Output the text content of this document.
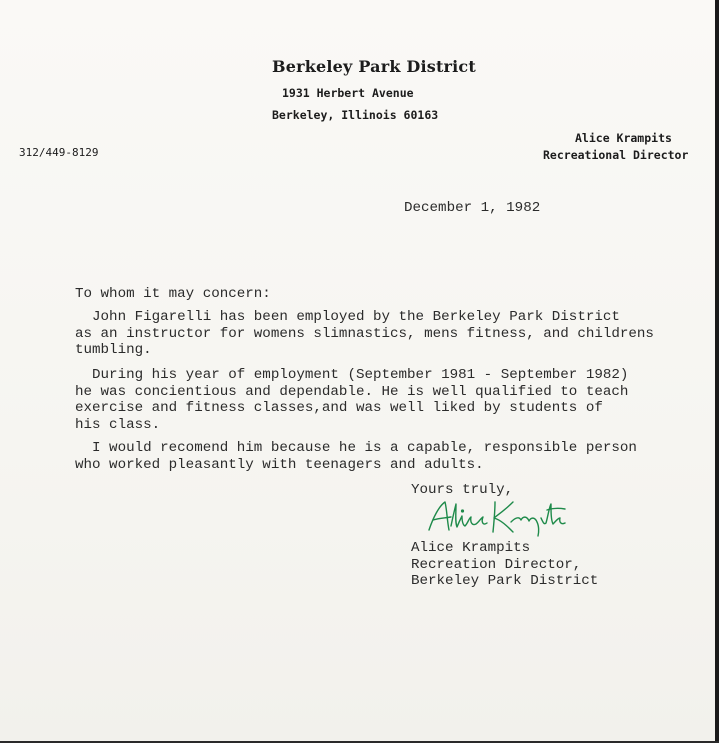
Berkeley Park District
1931 Herbert Avenue
Berkeley, Illinois 60163
312/449-8129
Alice Krampits
Recreational Director
December 1, 1982
To whom it may concern:
John Figarelli has been employed by the Berkeley Park District
as an instructor for womens slimnastics, mens fitness, and childrens
tumbling.
During his year of employment (September 1981 - September 1982)
he was concientious and dependable. He is well qualified to teach
exercise and fitness classes,and was well liked by students of
his class.
I would recomend him because he is a capable, responsible person
who worked pleasantly with teenagers and adults.
Yours truly,
Alice Krampits
Recreation Director,
Berkeley Park District
